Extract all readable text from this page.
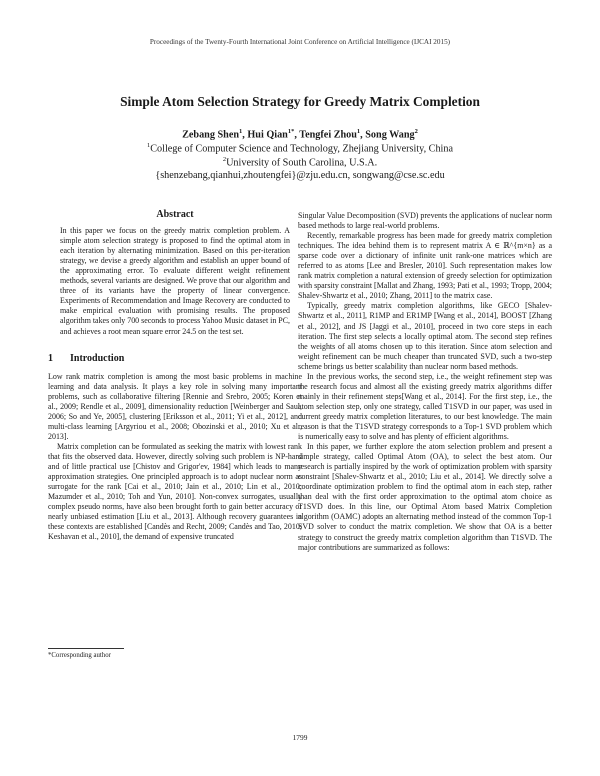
Proceedings of the Twenty-Fourth International Joint Conference on Artificial Intelligence (IJCAI 2015)
Simple Atom Selection Strategy for Greedy Matrix Completion
Zebang Shen$^1$, Hui Qian$^{1*}$, Tengfei Zhou$^1$, Song Wang$^2$
$^1$College of Computer Science and Technology, Zhejiang University, China
$^2$University of South Carolina, U.S.A.
{shenzebang,qianhui,zhoutengfei}@zju.edu.cn, songwang@cse.sc.edu
Abstract

In this paper we focus on the greedy matrix completion problem. A simple atom selection strategy is proposed to find the optimal atom in each iteration by alternating minimization. Based on this per-iteration strategy, we devise a greedy algorithm and establish an upper bound of the approximating error. To evaluate different weight refinement methods, several variants are designed. We prove that our algorithm and three of its variants have the property of linear convergence. Experiments of Recommendation and Image Recovery are conducted to make empirical evaluation with promising results. The proposed algorithm takes only 700 seconds to process Yahoo Music dataset in PC, and achieves a root mean square error 24.5 on the test set.

1 Introduction

Low rank matrix completion is among the most basic problems in machine learning and data analysis. It plays a key role in solving many important problems, such as collaborative filtering [Rennie and Srebro, 2005; Koren et al., 2009; Rendle et al., 2009], dimensionality reduction [Weinberger and Saul, 2006; So and Ye, 2005], clustering [Eriksson et al., 2011; Yi et al., 2012], and multi-class learning [Argyriou et al., 2008; Obozinski et al., 2010; Xu et al., 2013].

Matrix completion can be formulated as seeking the matrix with lowest rank that fits the observed data. However, directly solving such problem is NP-hard and of little practical use [Chistov and Grigor'ev, 1984] which leads to many approximation strategies. One principled approach is to adopt nuclear norm as surrogate for the rank [Cai et al., 2010; Jain et al., 2010; Lin et al., 2010; Mazumder et al., 2010; Toh and Yun, 2010]. Non-convex surrogates, usually complex pseudo norms, have also been brought forth to gain better accuracy or nearly unbiased estimation [Liu et al., 2013]. Although recovery guarantees in these contexts are established [Candès and Recht, 2009; Candès and Tao, 2010; Keshavan et al., 2010], the demand of expensive truncated

Singular Value Decomposition (SVD) prevents the applications of nuclear norm based methods to large real-world problems.

Recently, remarkable progress has been made for greedy matrix completion techniques. The idea behind them is to represent matrix A ∈ ℝ^{m×n} as a sparse code over a dictionary of infinite unit rank-one matrices which are referred to as atoms [Lee and Bresler, 2010]. Such representation makes low rank matrix completion a natural extension of greedy selection for optimization with sparsity constraint [Mallat and Zhang, 1993; Pati et al., 1993; Tropp, 2004; Shalev-Shwartz et al., 2010; Zhang, 2011] to the matrix case.

Typically, greedy matrix completion algorithms, like GECO [Shalev-Shwartz et al., 2011], R1MP and ER1MP [Wang et al., 2014], BOOST [Zhang et al., 2012], and JS [Jaggi et al., 2010], proceed in two core steps in each iteration. The first step selects a locally optimal atom. The second step refines the weights of all atoms chosen up to this iteration. Since atom selection and weight refinement can be much cheaper than truncated SVD, such a two-step scheme brings us better scalability than nuclear norm based methods.

In the previous works, the second step, i.e., the weight refinement step was the research focus and almost all the existing greedy matrix algorithms differ mainly in their refinement steps[Wang et al., 2014]. For the first step, i.e., the atom selection step, only one strategy, called T1SVD in our paper, was used in current greedy matrix completion literatures, to our best knowledge. The main reason is that the T1SVD strategy corresponds to a Top-1 SVD problem which is numerically easy to solve and has plenty of efficient algorithms.

In this paper, we further explore the atom selection problem and present a simple strategy, called Optimal Atom (OA), to select the best atom. Our research is partially inspired by the work of optimization problem with sparsity constraint [Shalev-Shwartz et al., 2010; Liu et al., 2014]. We directly solve a coordinate optimization problem to find the optimal atom in each step, rather than deal with the first order approximation to the optimal atom choice as T1SVD does. In this line, our Optimal Atom based Matrix Completion algorithm (OAMC) adopts an alternating method instead of the common Top-1 SVD solver to conduct the matrix completion. We show that OA is a better strategy to construct the greedy matrix completion algorithm than T1SVD. The major contributions are summarized as follows:

*Corresponding author
1799
